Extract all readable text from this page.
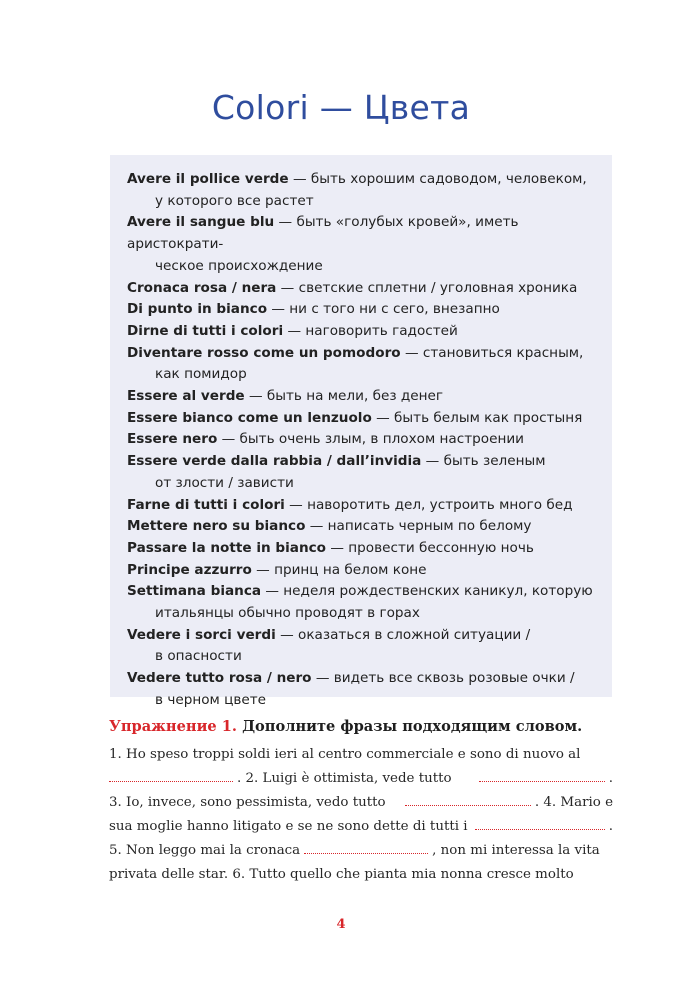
Colori — Цвета

Avere il pollice verde — быть хорошим садоводом, человеком,
у которого все растет

Avere il sangue blu — быть «голубых кровей», иметь аристократи-
ческое происхождение

Cronaca rosa / nera — светские сплетни / уголовная хроника

Di punto in bianco — ни с того ни с сего, внезапно

Dirne di tutti i colori — наговорить гадостей

Diventare rosso come un pomodoro — становиться красным,
как помидор

Essere al verde — быть на мели, без денег

Essere bianco come un lenzuolo — быть белым как простыня

Essere nero — быть очень злым, в плохом настроении

Essere verde dalla rabbia / dall’invidia — быть зеленым
от злости / зависти

Farne di tutti i colori — наворотить дел, устроить много бед

Mettere nero su bianco — написать черным по белому

Passare la notte in bianco — провести бессонную ночь

Principe azzurro — принц на белом коне

Settimana bianca — неделя рождественских каникул, которую
итальянцы обычно проводят в горах

Vedere i sorci verdi — оказаться в сложной ситуации /
в опасности

Vedere tutto rosa / nero — видеть все сквозь розовые очки /
в черном цвете

Упражнение 1. Дополните фразы подходящим словом.

1. Ho speso troppi soldi ieri al centro commerciale e sono di nuovo al
. 2. Luigi è ottimista, vede tutto	.
3. Io, invece, sono pessimista, vedo tutto	. 4. Mario e
sua moglie hanno litigato e se ne sono dette di tutti i	.
5. Non leggo mai la cronaca	, non mi interessa la vita
privata delle star. 6. Tutto quello che pianta mia nonna cresce molto
4
